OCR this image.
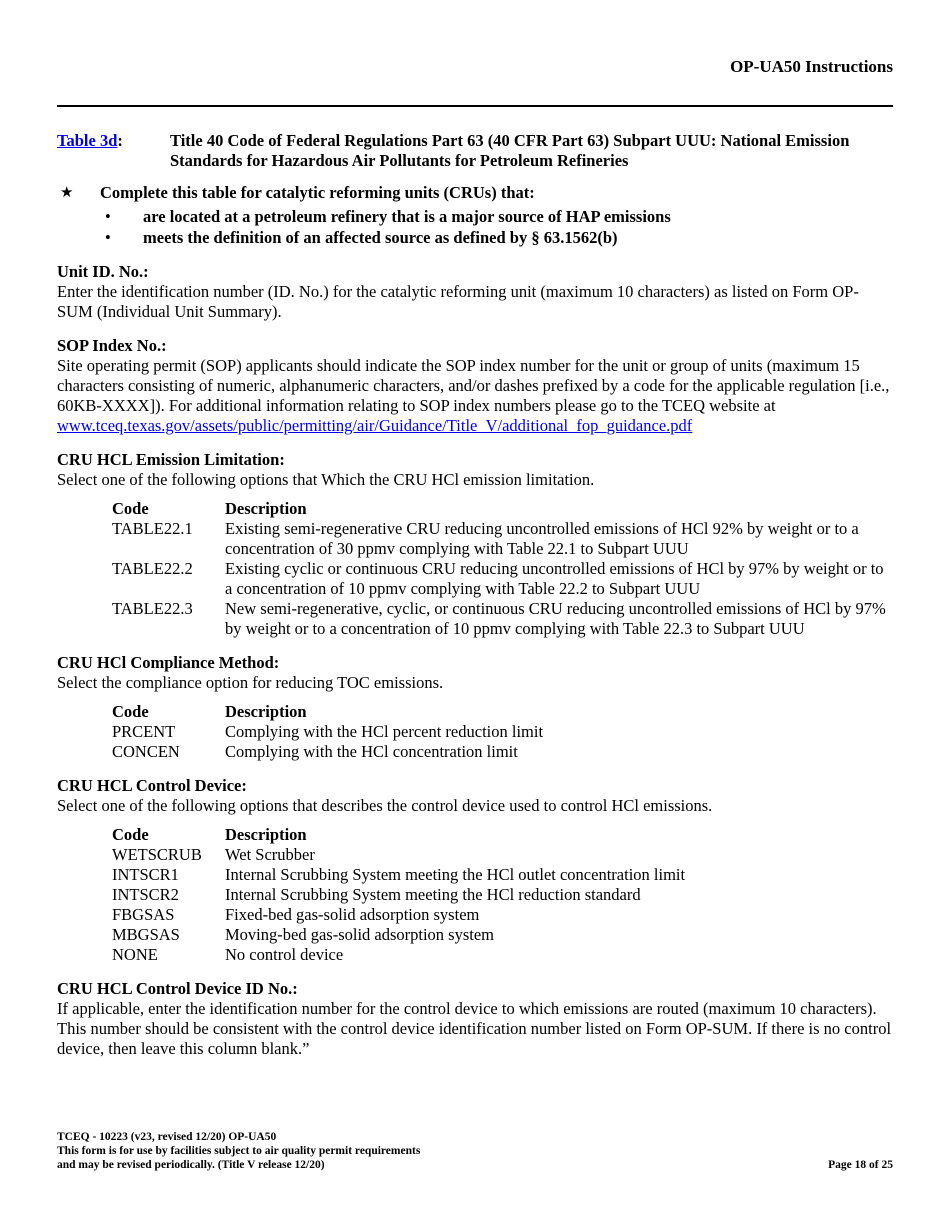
OP-UA50 Instructions
Table 3d:	Title 40 Code of Federal Regulations Part 63 (40 CFR Part 63) Subpart UUU: National Emission Standards for Hazardous Air Pollutants for Petroleum Refineries
★	Complete this table for catalytic reforming units (CRUs) that:
•	are located at a petroleum refinery that is a major source of HAP emissions
•	meets the definition of an affected source as defined by § 63.1562(b)
Unit ID. No.:

Enter the identification number (ID. No.) for the catalytic reforming unit (maximum 10 characters) as listed on Form OP-SUM (Individual Unit Summary).

SOP Index No.:

Site operating permit (SOP) applicants should indicate the SOP index number for the unit or group of units (maximum 15 characters consisting of numeric, alphanumeric characters, and/or dashes prefixed by a code for the applicable regulation [i.e., 60KB-XXXX]). For additional information relating to SOP index numbers please go to the TCEQ website at www.tceq.texas.gov/assets/public/permitting/air/Guidance/Title_V/additional_fop_guidance.pdf

CRU HCL Emission Limitation:

Select one of the following options that Which the CRU HCl emission limitation.

Code	Description
TABLE22.1	Existing semi-regenerative CRU reducing uncontrolled emissions of HCl 92% by weight or to a concentration of 30 ppmv complying with Table 22.1 to Subpart UUU
TABLE22.2	Existing cyclic or continuous CRU reducing uncontrolled emissions of HCl by 97% by weight or to a concentration of 10 ppmv complying with Table 22.2 to Subpart UUU
TABLE22.3	New semi-regenerative, cyclic, or continuous CRU reducing uncontrolled emissions of HCl by 97% by weight or to a concentration of 10 ppmv complying with Table 22.3 to Subpart UUU
CRU HCl Compliance Method:

Select the compliance option for reducing TOC emissions.

Code	Description
PRCENT	Complying with the HCl percent reduction limit
CONCEN	Complying with the HCl concentration limit
CRU HCL Control Device:

Select one of the following options that describes the control device used to control HCl emissions.

Code	Description
WETSCRUB	Wet Scrubber
INTSCR1	Internal Scrubbing System meeting the HCl outlet concentration limit
INTSCR2	Internal Scrubbing System meeting the HCl reduction standard
FBGSAS	Fixed-bed gas-solid adsorption system
MBGSAS	Moving-bed gas-solid adsorption system
NONE	No control device
CRU HCL Control Device ID No.:

If applicable, enter the identification number for the control device to which emissions are routed (maximum 10 characters). This number should be consistent with the control device identification number listed on Form OP-SUM. If there is no control device, then leave this column blank.”

TCEQ - 10223 (v23, revised 12/20) OP-UA50
This form is for use by facilities subject to air quality permit requirements
and may be revised periodically. (Title V release 12/20)	Page 18 of 25
